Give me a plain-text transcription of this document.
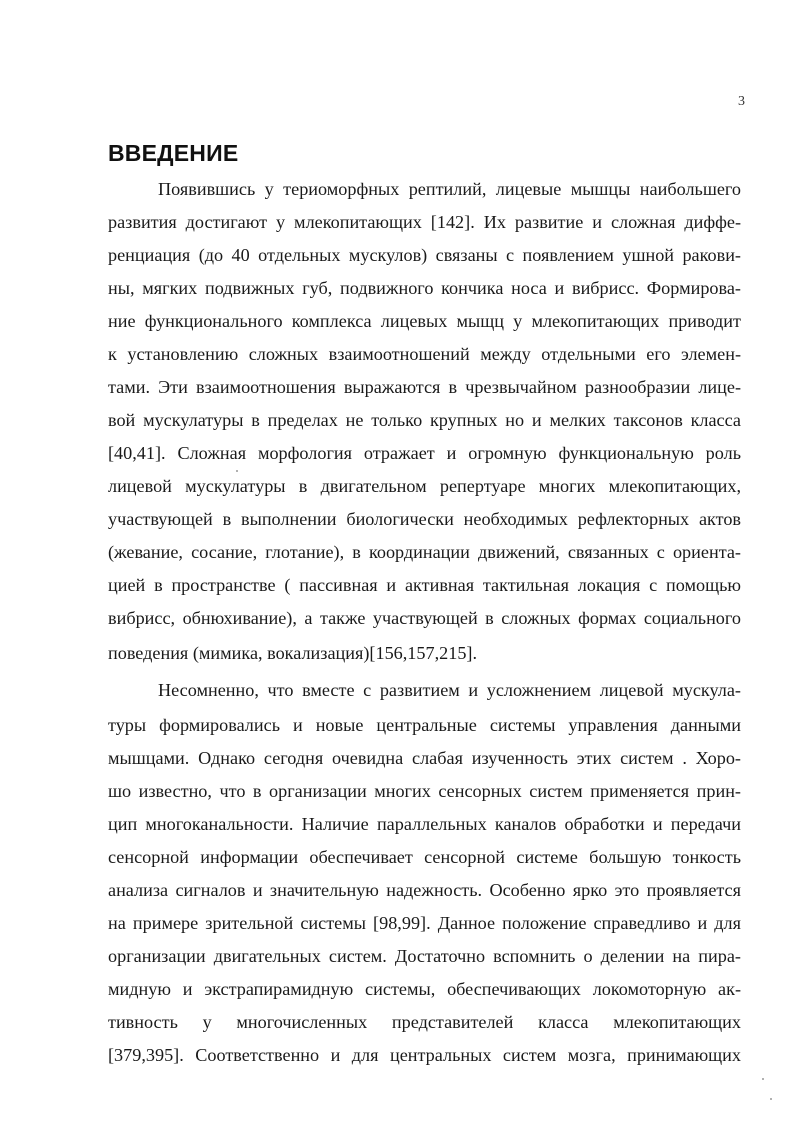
3
ВВЕДЕНИЕ
Появившись у териоморфных рептилий, лицевые мышцы наибольшего
развития достигают у млекопитающих [142]. Их развитие и сложная диффе-
ренциация (до 40 отдельных мускулов) связаны с появлением ушной ракови-
ны, мягких подвижных губ, подвижного кончика носа и вибрисс. Формирова-
ние функционального комплекса лицевых мыщц у млекопитающих приводит
к установлению сложных взаимоотношений между отдельными его элемен-
тами. Эти взаимоотношения выражаются в чрезвычайном разнообразии лице-
вой мускулатуры в пределах не только крупных но и мелких таксонов класса
[40,41]. Сложная морфология отражает и огромную функциональную роль
лицевой мускулатуры в двигательном репертуаре многих млекопитающих,
участвующей в выполнении биологически необходимых рефлекторных актов
(жевание, сосание, глотание), в координации движений, связанных с ориента-
цией в пространстве ( пассивная и активная тактильная локация с помощью
вибрисс, обнюхивание), а также участвующей в сложных формах социального
поведения (мимика, вокализация)[156,157,215].
Несомненно, что вместе с развитием и усложнением лицевой мускула-
туры формировались и новые центральные системы управления данными
мышцами. Однако сегодня очевидна слабая изученность этих систем . Хоро-
шо известно, что в организации многих сенсорных систем применяется прин-
цип многоканальности. Наличие параллельных каналов обработки и передачи
сенсорной информации обеспечивает сенсорной системе большую тонкость
анализа сигналов и значительную надежность. Особенно ярко это проявляется
на примере зрительной системы [98,99]. Данное положение справедливо и для
организации двигательных систем. Достаточно вспомнить о делении на пира-
мидную и экстрапирамидную системы, обеспечивающих локомоторную ак-
тивность у многочисленных представителей класса млекопитающих
[379,395]. Соответственно и для центральных систем мозга, принимающих
